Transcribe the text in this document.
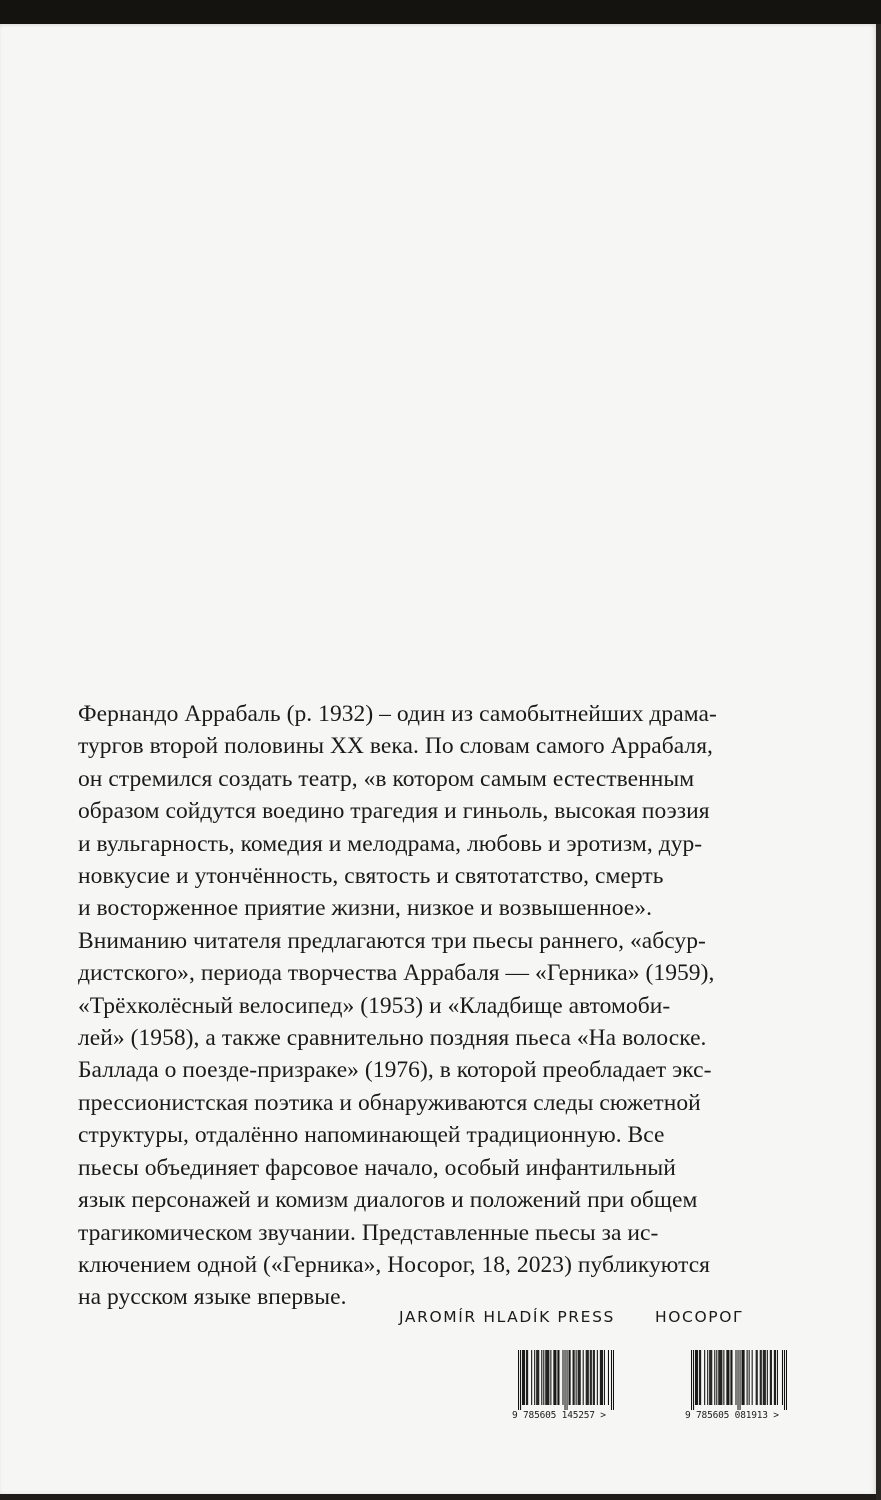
Фернандо Аррабаль (р. 1932) – один из самобытнейших драма-
тургов второй половины XX века. По словам самого Аррабаля,
он стремился создать театр, «в котором самым естественным
образом сойдутся воедино трагедия и гиньоль, высокая поэзия
и вульгарность, комедия и мелодрама, любовь и эротизм, дур-
новкусие и утончённость, святость и святотатство, смерть
и восторженное приятие жизни, низкое и возвышенное».
Вниманию читателя предлагаются три пьесы раннего, «абсур-
дистского», периода творчества Аррабаля — «Герника» (1959),
«Трёхколёсный велосипед» (1953) и «Кладбище автомоби-
лей» (1958), а также сравнительно поздняя пьеса «На волоске.
Баллада о поезде-призраке» (1976), в которой преобладает экс-
прессионистская поэтика и обнаруживаются следы сюжетной
структуры, отдалённо напоминающей традиционную. Все
пьесы объединяет фарсовое начало, особый инфантильный
язык персонажей и комизм диалогов и положений при общем
трагикомическом звучании. Представленные пьесы за ис-
ключением одной («Герника», Носорог, 18, 2023) публикуются
на русском языке впервые.
JAROMÍR HLADÍK PRESS	НОСОРОГ
9 785605 145257 >	9 785605 081913 >
